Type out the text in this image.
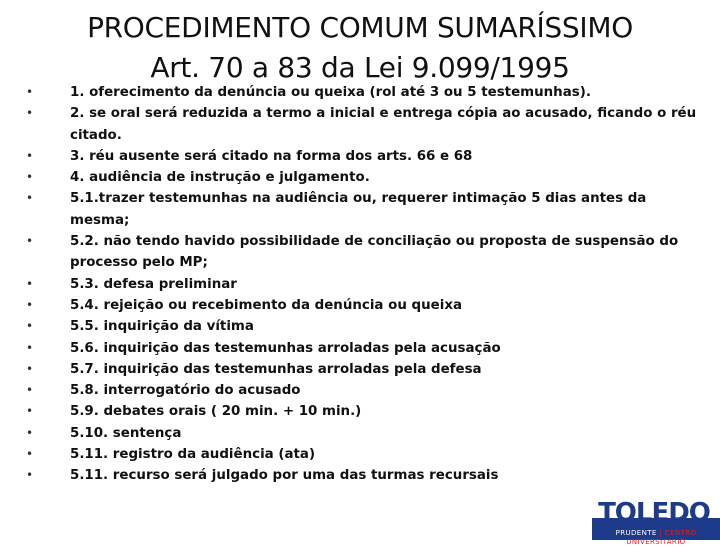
PROCEDIMENTO COMUM SUMARÍSSIMO
Art. 70 a 83 da Lei 9.099/1995
•	1. oferecimento da denúncia ou queixa (rol até 3 ou 5 testemunhas).
•	2. se oral será reduzida a termo a inicial e entrega cópia ao acusado, ficando o réu citado.
•	3. réu ausente será citado na forma dos arts. 66 e 68
•	4. audiência de instrução e julgamento.
•	5.1.trazer testemunhas na audiência ou, requerer intimação 5 dias antes da mesma;
•	5.2. não tendo havido possibilidade de conciliação ou proposta de suspensão do processo pelo MP;
•	5.3. defesa preliminar
•	5.4. rejeição ou recebimento da denúncia ou queixa
•	5.5. inquirição da vítima
•	5.6. inquirição das testemunhas arroladas pela acusação
•	5.7. inquirição das testemunhas arroladas pela defesa
•	5.8. interrogatório do acusado
•	5.9. debates orais ( 20 min. + 10 min.)
•	5.10. sentença
•	5.11. registro da audiência (ata)
•	5.11. recurso será julgado por uma das turmas recursais
TOLEDO
PRUDENTE | CENTRO UNIVERSITÁRIO
